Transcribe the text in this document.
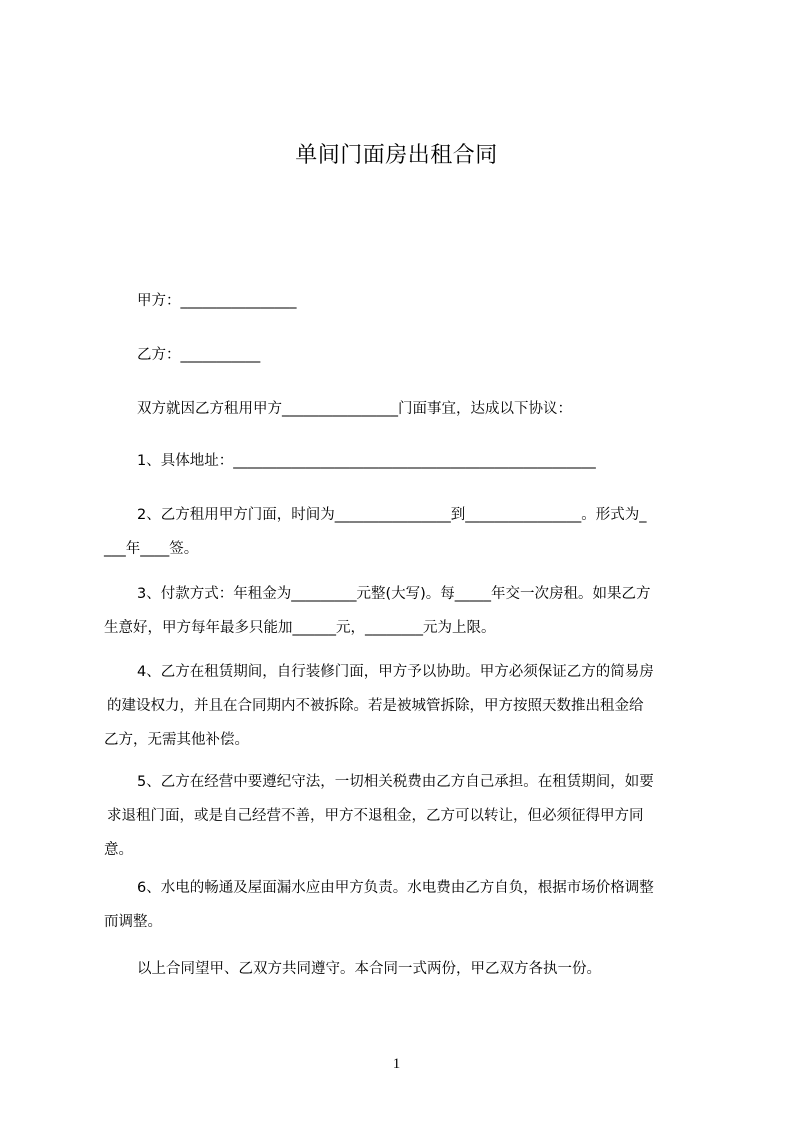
单间门面房出租合同
甲方：________________
乙方：___________
双方就因乙方租用甲方________________门面事宜，达成以下协议：
1、具体地址：__________________________________________________
2、乙方租用甲方门面，时间为________________到________________。形式为_
___年____签。
3、付款方式：年租金为_________元整(大写)。每_____年交一次房租。如果乙方
生意好，甲方每年最多只能加______元，________元为上限。
4、乙方在租赁期间，自行装修门面，甲方予以协助。甲方必须保证乙方的简易房
的建设权力，并且在合同期内不被拆除。若是被城管拆除，甲方按照天数推出租金给
乙方，无需其他补偿。
5、乙方在经营中要遵纪守法，一切相关税费由乙方自己承担。在租赁期间，如要
求退租门面，或是自己经营不善，甲方不退租金，乙方可以转让，但必须征得甲方同
意。
6、水电的畅通及屋面漏水应由甲方负责。水电费由乙方自负，根据市场价格调整
而调整。
以上合同望甲、乙双方共同遵守。本合同一式两份，甲乙双方各执一份。
1
